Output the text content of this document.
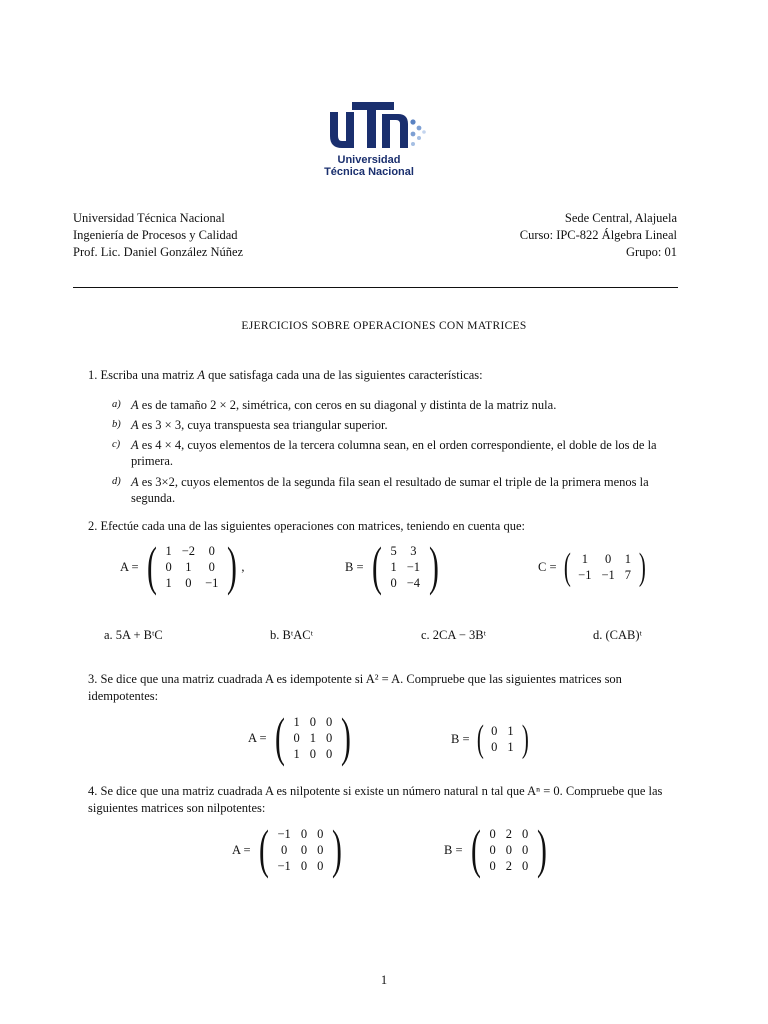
Universidad
Técnica Nacional
Universidad Técnica Nacional
Ingeniería de Procesos y Calidad
Prof. Lic. Daniel González Núñez
Sede Central, Alajuela
Curso: IPC-822 Álgebra Lineal
Grupo: 01
EJERCICIOS SOBRE OPERACIONES CON MATRICES
1. Escriba una matriz A que satisfaga cada una de las siguientes características:
a) A es de tamaño 2 × 2, simétrica, con ceros en su diagonal y distinta de la matriz nula.
b) A es 3 × 3, cuya transpuesta sea triangular superior.
c) A es 4 × 4, cuyos elementos de la tercera columna sean, en el orden correspondiente, el doble de los de la primera.
d) A es 3×2, cuyos elementos de la segunda fila sean el resultado de sumar el triple de la primera menos la segunda.
2. Efectúe cada una de las siguientes operaciones con matrices, teniendo en cuenta que:
A = ( 1	−2	0
0	1	0
1	0	−1 ) ,	B = ( 5	3
1	−1
0	−4 )	C = ( 1	0	1
−1	−1	7 )
a. 5A + BᵗC	b. BᵗACᵗ	c. 2CA − 3Bᵗ	d. (CAB)ᵗ
3. Se dice que una matriz cuadrada A es idempotente si A² = A. Compruebe que las siguientes matrices son idempotentes:
A = ( 1	0	0
0	1	0
1	0	0 )	B = ( 0	1
0	1 )
4. Se dice que una matriz cuadrada A es nilpotente si existe un número natural n tal que Aⁿ = 0. Compruebe que las siguientes matrices son nilpotentes:
A = ( −1	0	0
0	0	0
−1	0	0 )	B = ( 0	2	0
0	0	0
0	2	0 )
1
